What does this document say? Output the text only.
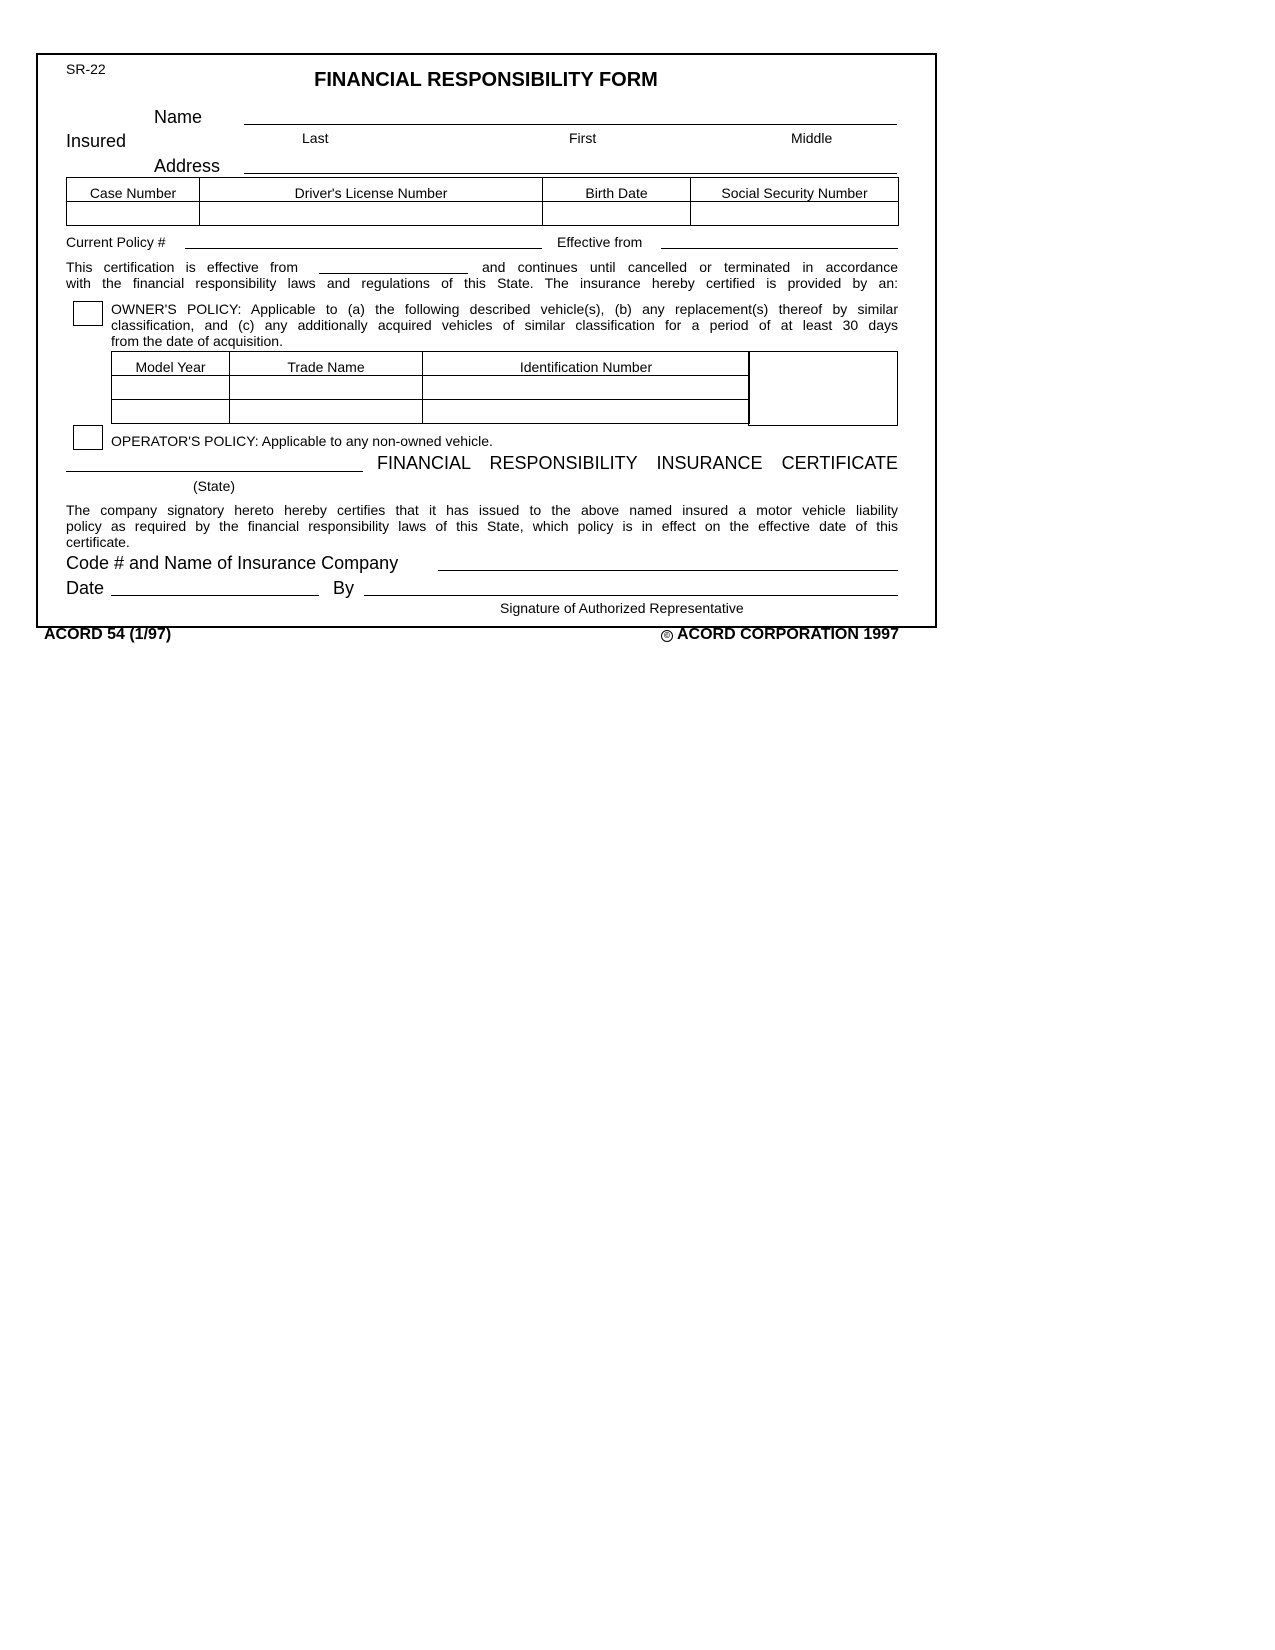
SR-22	FINANCIAL RESPONSIBILITY FORM
Insured
Name
Last	First	Middle
Address
Case Number	Driver's License Number	Birth Date	Social Security Number

Current Policy #	Effective from
This certification is effective from	and continues until cancelled or terminated in accordance
with the financial responsibility laws and regulations of this State. The insurance hereby certified is provided by an:
OWNER'S POLICY: Applicable to (a) the following described vehicle(s), (b) any replacement(s) thereof by similar
classification, and (c) any additionally acquired vehicles of similar classification for a period of at least 30 days
from the date of acquisition.
Model Year	Trade Name	Identification Number

OPERATOR'S POLICY: Applicable to any non-owned vehicle.
(State)
FINANCIAL RESPONSIBILITY INSURANCE CERTIFICATE
The company signatory hereto hereby certifies that it has issued to the above named insured a motor vehicle liability
policy as required by the financial responsibility laws of this State, which policy is in effect on the effective date of this
certificate.
Code # and Name of Insurance Company
Date	By
Signature of Authorized Representative
ACORD 54 (1/97)	© ACORD CORPORATION 1997
